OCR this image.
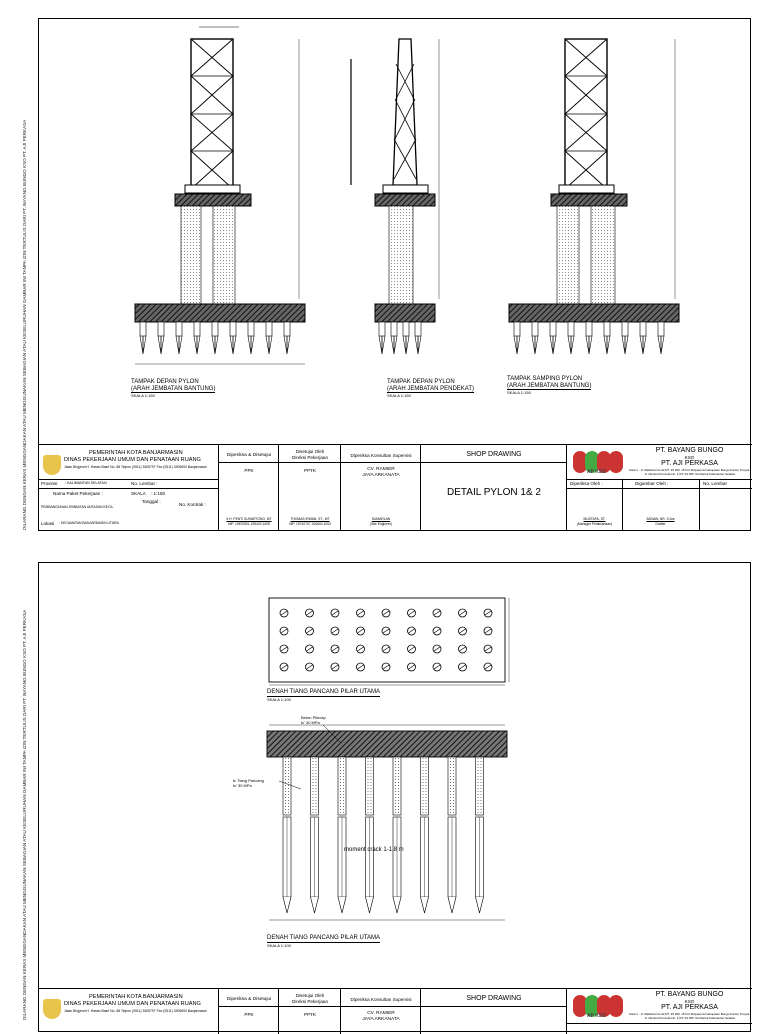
DILARANG DENGAN KERAS MENGGANDAKAN ATAU MENGGUNAKAN SEBAGIAN ATAU KESELURUHAN GAMBAR INI TANPA IZIN TERTULIS DARI PT. BAYANG BUNGO KSO PT. AJI PERKASA
DILARANG DENGAN KERAS MENGGANDAKAN ATAU MENGGUNAKAN SEBAGIAN ATAU KESELURUHAN GAMBAR INI TANPA IZIN TERTULIS DARI PT. BAYANG BUNGO KSO PT. AJI PERKASA
TAMPAK DEPAN PYLON
(ARAH JEMBATAN BANTUNG)
SKALA 1:150
TAMPAK DEPAN PYLON
(ARAH JEMBATAN PENDEKAT)
SKALA 1:150
TAMPAK SAMPING PYLON
(ARAH JEMBATAN BANTUNG)
SKALA 1:150
PEMERINTAH KOTA BANJARMASIN
DINAS PEKERJAAN UMUM DAN PENATAAN RUANG
Jalan Brigjend H. Hasan Basri No. 68 Telpon (0511) 3305797 Fax (0511) 3305694 Banjarmasin
Provinsi : KALIMANTAN SELATAN	No. Lembar :
Nama Paket Pekerjaan :	SKALA : 1:150
PEMBANGUNAN JEMBATAN ANTASAN KECIL
Tanggal :
No. Kontrak :
Lokasi : KECAMATAN BANJARMASIN UTARA
Diperiksa & Disetujui
PPK
Ir.H. PENTI SUHARTONO, MT
NIP. 19670501 199403 1005
Disetujui Oleh
Direksi Pekerjaan
PPTK
THOMAS IRWAN, ST., MT
NIP. 19740707 200604 1003
Diperiksa Konsultan Supervisi
CV. RAMIER
JAYA ARKANATA
SUMARLAN
(Site Engineer)
SHOP DRAWING
DETAIL PYLON 1& 2
AP KSO
PT. BAYANG BUNGO
KSO
PT. AJI PERKASA
Kantor : Jl. Mahkota No.22 RT. 25 RW. 15 Kel.Mulyapura Kabupaten Bungo Kantor Proyek : Jl. Menteri Pemuda No. 1 RT. 04 RW. 02 Manuk Kalimantan Selatan
Diperiksa Oleh :	Digambar Oleh :	No. Lembar
MUSTAFA, ST.
(Manager Pelaksanaan)
ADNAN, NR. S.Ars
Drafter
DENAH TIANG PANCANG PILAR UTAMA
SKALA 1:100
Beton Pilecap
fc' 30 MPa
fc Tiang Pancang
fc' 30 MPa
moment crack 1-1.8 m
DENAH TIANG PANCANG PILAR UTAMA
SKALA 1:100
PEMERINTAH KOTA BANJARMASIN
DINAS PEKERJAAN UMUM DAN PENATAAN RUANG
Jalan Brigjend H. Hasan Basri No. 68 Telpon (0511) 3305797 Fax (0511) 3305694 Banjarmasin
Diperiksa & Disetujui
PPK
Disetujui Oleh
Direksi Pekerjaan
PPTK
Diperiksa Konsultan Supervisi
CV. RAMIER
JAYA ARKANATA
SHOP DRAWING
AP KSO
PT. BAYANG BUNGO
KSO
PT. AJI PERKASA
Kantor : Jl. Mahkota No.22 RT. 25 RW. 15 Kel.Mulyapura Kabupaten Bungo Kantor Proyek : Jl. Menteri Pemuda No. 1 RT. 04 RW. 02 Manuk Kalimantan Selatan
